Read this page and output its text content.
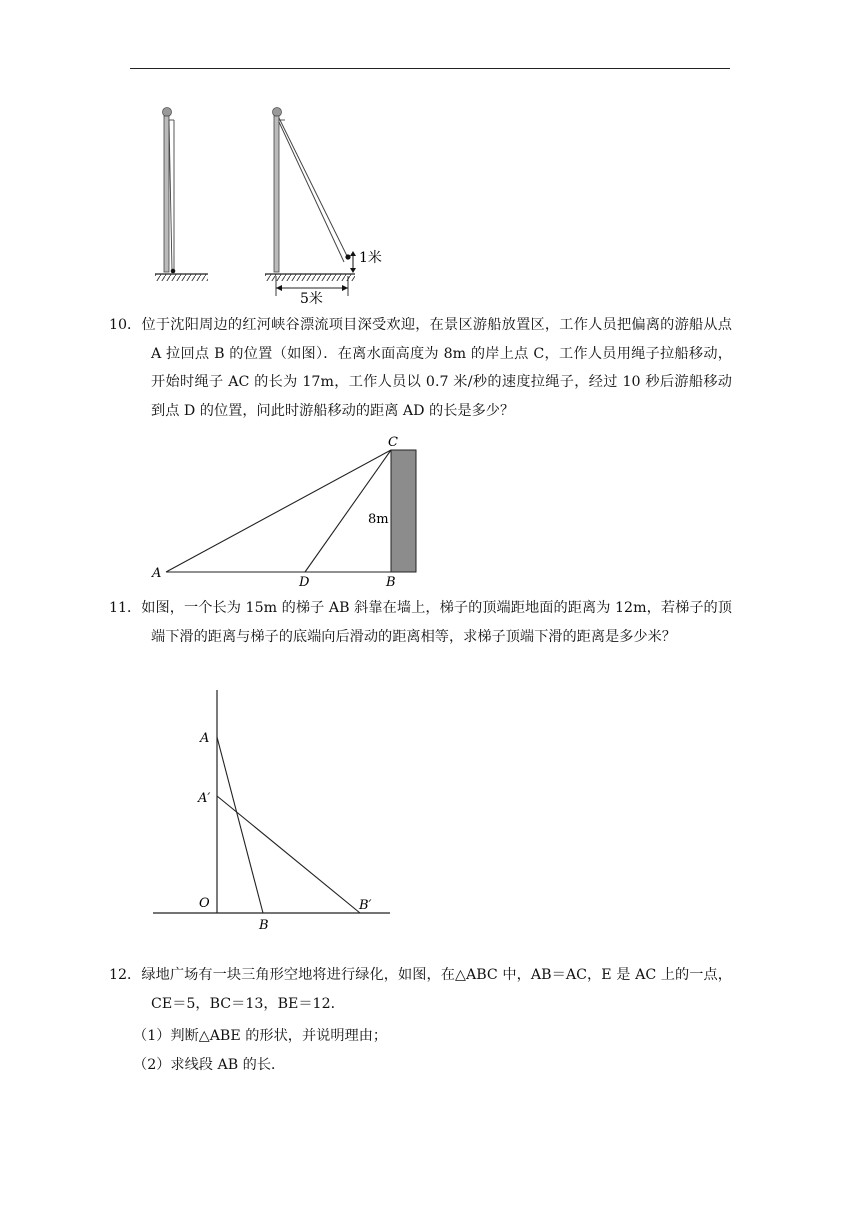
1米
5米
10．位于沈阳周边的红河峡谷漂流项目深受欢迎，在景区游船放置区，工作人员把偏离的游船从点 A 拉回点 B 的位置（如图）．在离水面高度为 8m 的岸上点 C，工作人员用绳子拉船移动，开始时绳子 AC 的长为 17m，工作人员以 0.7 米/秒的速度拉绳子，经过 10 秒后游船移动到点 D 的位置，问此时游船移动的距离 AD 的长是多少？
C
8m
A
D	B
11．如图，一个长为 15m 的梯子 AB 斜靠在墙上，梯子的顶端距地面的距离为 12m，若梯子的顶端下滑的距离与梯子的底端向后滑动的距离相等，求梯子顶端下滑的距离是多少米？
A
A′
O
B
B′
12．绿地广场有一块三角形空地将进行绿化，如图，在△ABC 中，AB＝AC，E 是 AC 上的一点，CE＝5，BC＝13，BE＝12．
（1）判断△ABE 的形状，并说明理由；
（2）求线段 AB 的长．
